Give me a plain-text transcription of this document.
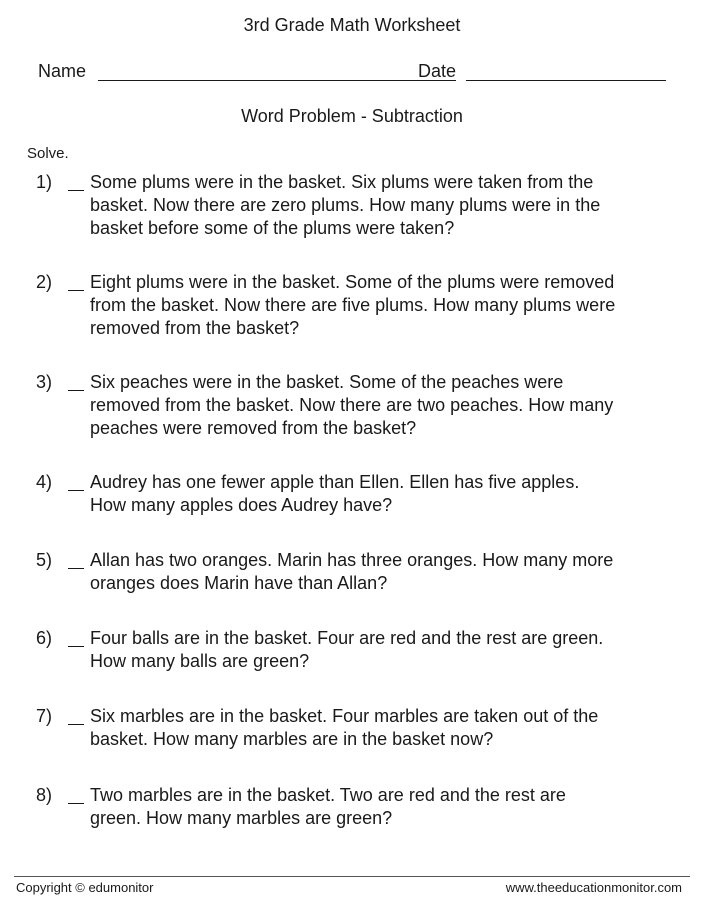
3rd Grade Math Worksheet
Name	Date
Word Problem - Subtraction
Solve.
1) Some plums were in the basket. Six plums were taken from the
basket. Now there are zero plums. How many plums were in the
basket before some of the plums were taken?
2) Eight plums were in the basket. Some of the plums were removed
from the basket. Now there are five plums. How many plums were
removed from the basket?
3) Six peaches were in the basket. Some of the peaches were
removed from the basket. Now there are two peaches. How many
peaches were removed from the basket?
4) Audrey has one fewer apple than Ellen. Ellen has five apples.
How many apples does Audrey have?
5) Allan has two oranges. Marin has three oranges. How many more
oranges does Marin have than Allan?
6) Four balls are in the basket. Four are red and the rest are green.
How many balls are green?
7) Six marbles are in the basket. Four marbles are taken out of the
basket. How many marbles are in the basket now?
8) Two marbles are in the basket. Two are red and the rest are
green. How many marbles are green?
Copyright © edumonitor	www.theeducationmonitor.com
